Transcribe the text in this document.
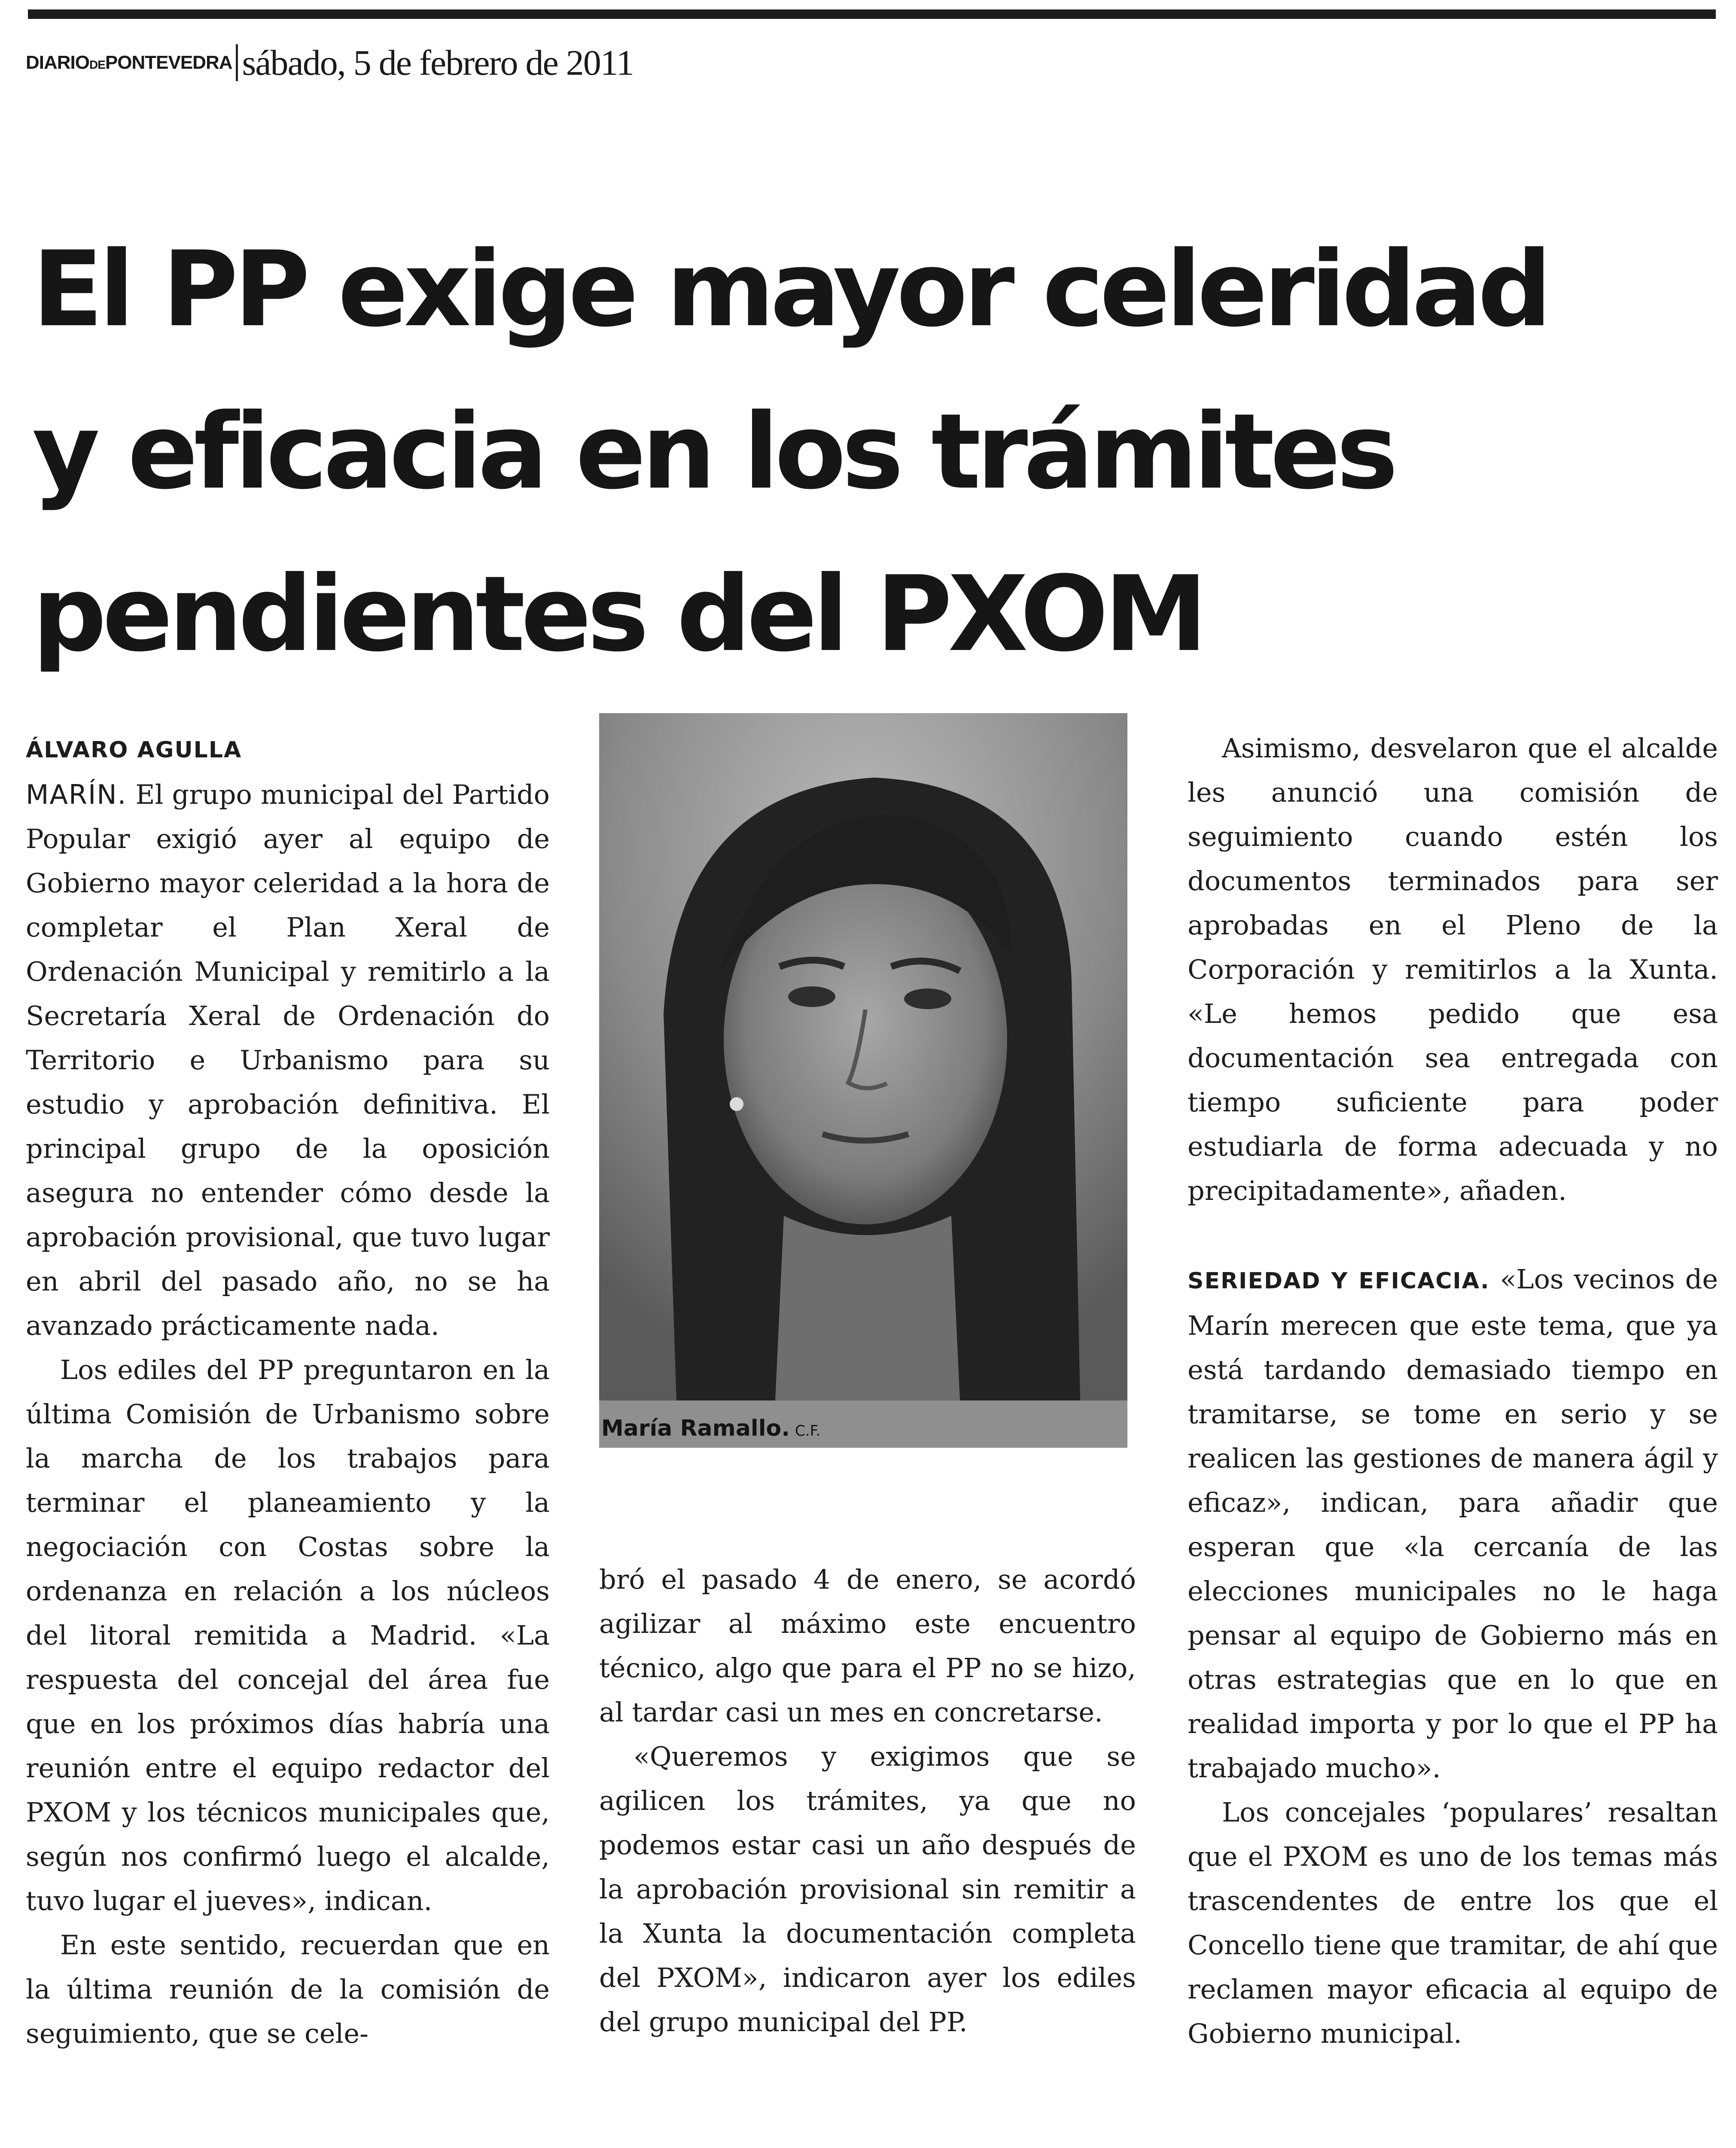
DIARIODEPONTEVEDRA sábado, 5 de febrero de 2011
El PP exige mayor celeridad
y eficacia en los trámites
pendientes del PXOM

ÁLVARO AGULLA

MARÍN. El grupo municipal del Partido Popular exigió ayer al equipo de Gobierno mayor celeridad a la hora de completar el Plan Xeral de Ordenación Municipal y remitirlo a la Secretaría Xeral de Ordenación do Territorio e Urbanismo para su estudio y aprobación definitiva. El principal grupo de la oposición asegura no entender cómo desde la aprobación provisional, que tuvo lugar en abril del pasado año, no se ha avanzado prácticamente nada.

Los ediles del PP preguntaron en la última Comisión de Urbanismo sobre la marcha de los trabajos para terminar el planeamiento y la negociación con Costas sobre la ordenanza en relación a los núcleos del litoral remitida a Madrid. «La respuesta del concejal del área fue que en los próximos días habría una reunión entre el equipo redactor del PXOM y los técnicos municipales que, según nos confirmó luego el alcalde, tuvo lugar el jueves», indican.

En este sentido, recuerdan que en la última reunión de la comisión de seguimiento, que se cele-

María Ramallo. C.F.

bró el pasado 4 de enero, se acordó agilizar al máximo este encuentro técnico, algo que para el PP no se hizo, al tardar casi un mes en concretarse.

«Queremos y exigimos que se agilicen los trámites, ya que no podemos estar casi un año después de la aprobación provisional sin remitir a la Xunta la documentación completa del PXOM», indicaron ayer los ediles del grupo municipal del PP.

Asimismo, desvelaron que el alcalde les anunció una comisión de seguimiento cuando estén los documentos terminados para ser aprobadas en el Pleno de la Corporación y remitirlos a la Xunta. «Le hemos pedido que esa documentación sea entregada con tiempo suficiente para poder estudiarla de forma adecuada y no precipitadamente», añaden.

SERIEDAD Y EFICACIA. «Los vecinos de Marín merecen que este tema, que ya está tardando demasiado tiempo en tramitarse, se tome en serio y se realicen las gestiones de manera ágil y eficaz», indican, para añadir que esperan que «la cercanía de las elecciones municipales no le haga pensar al equipo de Gobierno más en otras estrategias que en lo que en realidad importa y por lo que el PP ha trabajado mucho».

Los concejales ‘populares’ resaltan que el PXOM es uno de los temas más trascendentes de entre los que el Concello tiene que tramitar, de ahí que reclamen mayor eficacia al equipo de Gobierno municipal.
